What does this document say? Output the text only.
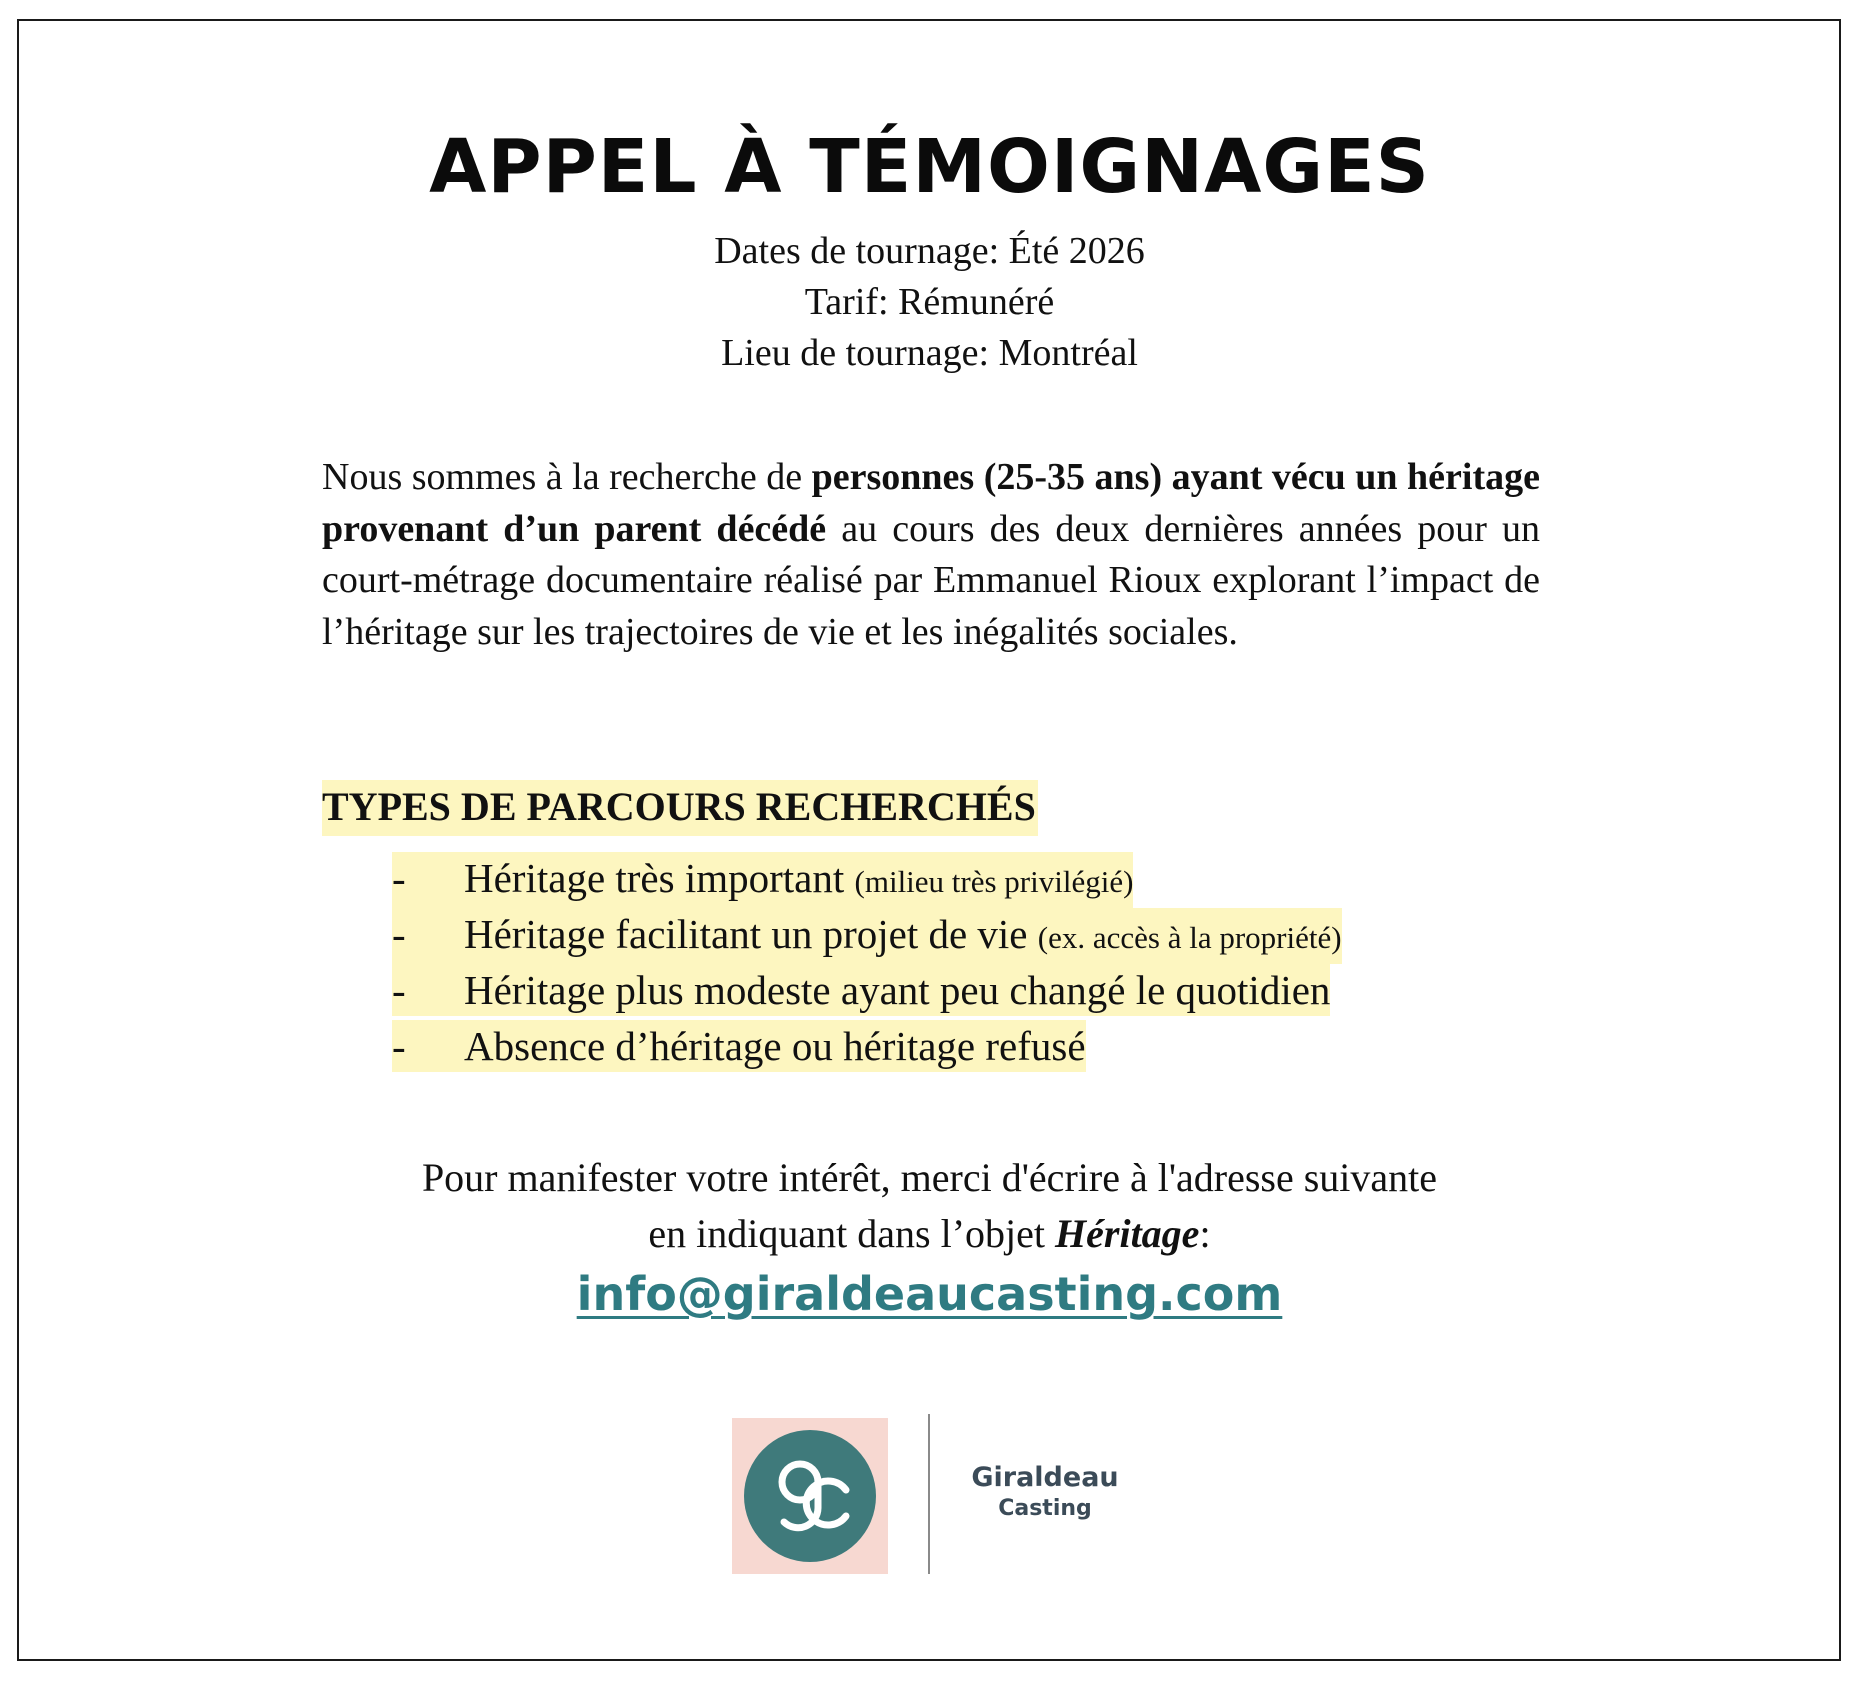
APPEL À TÉMOIGNAGES
Dates de tournage: Été 2026
Tarif: Rémunéré
Lieu de tournage: Montréal

Nous sommes à la recherche de personnes (25-35 ans) ayant vécu un héritage provenant d’un parent décédé au cours des deux dernières années pour un court-métrage documentaire réalisé par Emmanuel Rioux explorant l’impact de l’héritage sur les trajectoires de vie et les inégalités sociales.

TYPES DE PARCOURS RECHERCHÉS
- Héritage très important (milieu très privilégié)
- Héritage facilitant un projet de vie (ex. accès à la propriété)
- Héritage plus modeste ayant peu changé le quotidien
- Absence d’héritage ou héritage refusé
Pour manifester votre intérêt, merci d'écrire à l'adresse suivante
en indiquant dans l’objet Héritage:
info@giraldeaucasting.com
Giraldeau
Casting
